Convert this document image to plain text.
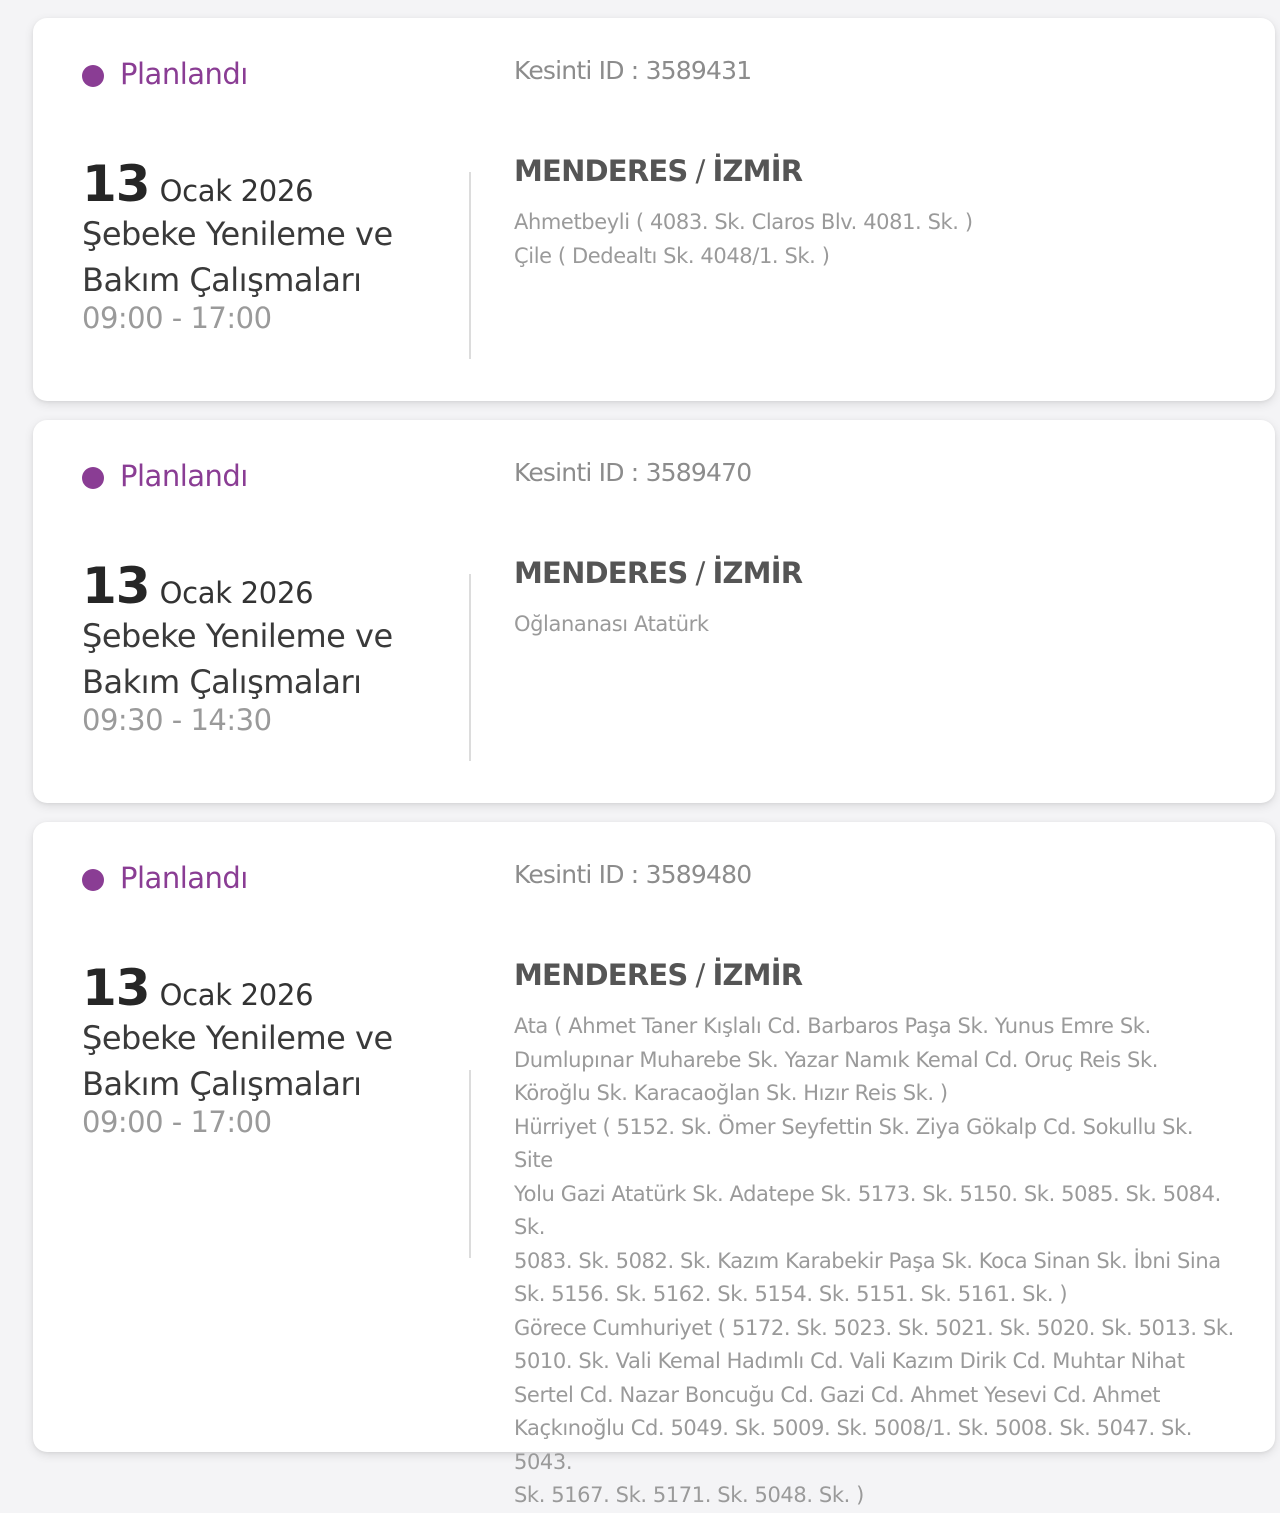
Planlandı	Kesinti ID : 3589431
13 Ocak 2026
Şebeke Yenileme ve
Bakım Çalışmaları
09:00 - 17:00
MENDERES / İZMİR
Ahmetbeyli ( 4083. Sk. Claros Blv. 4081. Sk. )
Çile ( Dedealtı Sk. 4048/1. Sk. )
Planlandı	Kesinti ID : 3589470
13 Ocak 2026
Şebeke Yenileme ve
Bakım Çalışmaları
09:30 - 14:30
MENDERES / İZMİR
Oğlananası Atatürk
Planlandı	Kesinti ID : 3589480
13 Ocak 2026
Şebeke Yenileme ve
Bakım Çalışmaları
09:00 - 17:00
MENDERES / İZMİR
Ata ( Ahmet Taner Kışlalı Cd. Barbaros Paşa Sk. Yunus Emre Sk.
Dumlupınar Muharebe Sk. Yazar Namık Kemal Cd. Oruç Reis Sk.
Köroğlu Sk. Karacaoğlan Sk. Hızır Reis Sk. )
Hürriyet ( 5152. Sk. Ömer Seyfettin Sk. Ziya Gökalp Cd. Sokullu Sk. Site
Yolu Gazi Atatürk Sk. Adatepe Sk. 5173. Sk. 5150. Sk. 5085. Sk. 5084. Sk.
5083. Sk. 5082. Sk. Kazım Karabekir Paşa Sk. Koca Sinan Sk. İbni Sina
Sk. 5156. Sk. 5162. Sk. 5154. Sk. 5151. Sk. 5161. Sk. )
Görece Cumhuriyet ( 5172. Sk. 5023. Sk. 5021. Sk. 5020. Sk. 5013. Sk.
5010. Sk. Vali Kemal Hadımlı Cd. Vali Kazım Dirik Cd. Muhtar Nihat
Sertel Cd. Nazar Boncuğu Cd. Gazi Cd. Ahmet Yesevi Cd. Ahmet
Kaçkınoğlu Cd. 5049. Sk. 5009. Sk. 5008/1. Sk. 5008. Sk. 5047. Sk. 5043.
Sk. 5167. Sk. 5171. Sk. 5048. Sk. )
